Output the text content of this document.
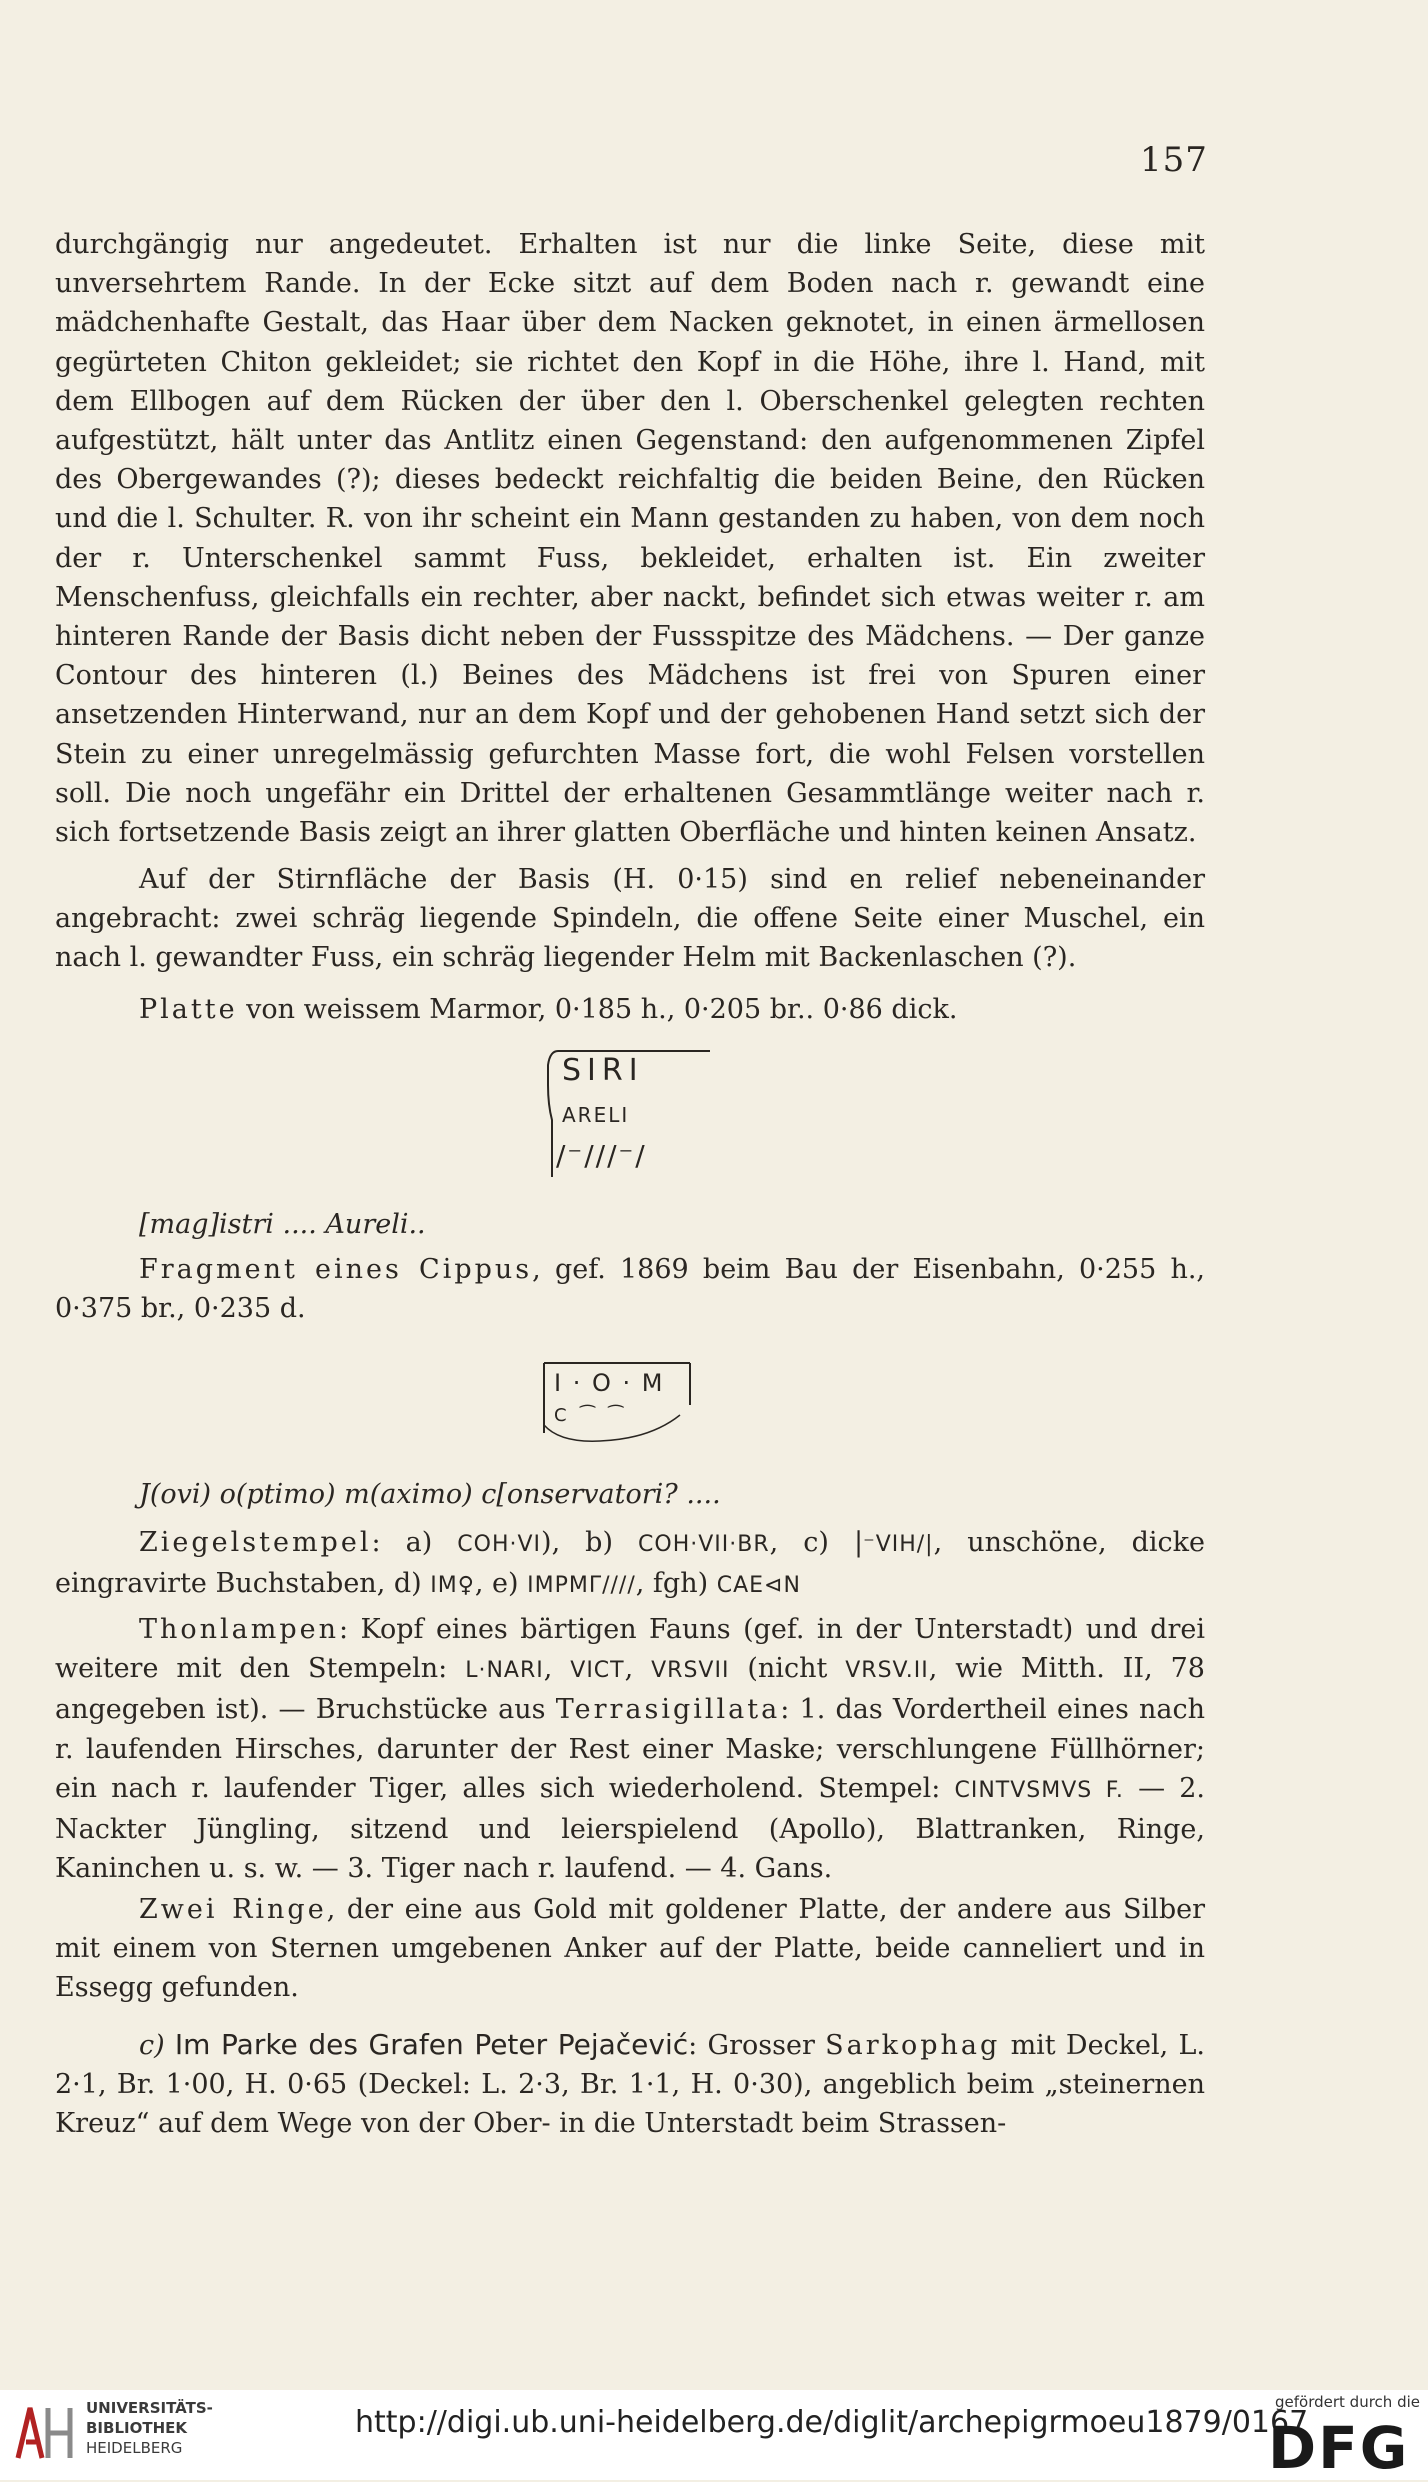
157

durchgängig nur angedeutet. Erhalten ist nur die linke Seite, diese mit unversehrtem Rande. In der Ecke sitzt auf dem Boden nach r. gewandt eine mädchenhafte Gestalt, das Haar über dem Nacken geknotet, in einen ärmellosen gegürteten Chiton gekleidet; sie richtet den Kopf in die Höhe, ihre l. Hand, mit dem Ellbogen auf dem Rücken der über den l. Oberschenkel gelegten rechten aufgestützt, hält unter das Antlitz einen Gegenstand: den aufgenommenen Zipfel des Obergewandes (?); dieses bedeckt reichfaltig die beiden Beine, den Rücken und die l. Schulter. R. von ihr scheint ein Mann gestanden zu haben, von dem noch der r. Unterschenkel sammt Fuss, bekleidet, erhalten ist. Ein zweiter Menschenfuss, gleichfalls ein rechter, aber nackt, befindet sich etwas weiter r. am hinteren Rande der Basis dicht neben der Fussspitze des Mädchens. — Der ganze Contour des hinteren (l.) Beines des Mädchens ist frei von Spuren einer ansetzenden Hinterwand, nur an dem Kopf und der gehobenen Hand setzt sich der Stein zu einer unregelmässig gefurchten Masse fort, die wohl Felsen vorstellen soll. Die noch ungefähr ein Drittel der erhaltenen Gesammtlänge weiter nach r. sich fortsetzende Basis zeigt an ihrer glatten Oberfläche und hinten keinen Ansatz.

Auf der Stirnfläche der Basis (H. 0·15) sind en relief nebeneinander angebracht: zwei schräg liegende Spindeln, die offene Seite einer Muschel, ein nach l. gewandter Fuss, ein schräg liegender Helm mit Backenlaschen (?).

Platte von weissem Marmor, 0·185 h., 0·205 br.. 0·86 dick.

SIRI
ARELI
/⁻///⁻/

[mag]istri .... Aureli..

Fragment eines Cippus, gef. 1869 beim Bau der Eisenbahn, 0·255 h., 0·375 br., 0·235 d.

I · O · M
C ⁀ ⁀

J(ovi) o(ptimo) m(aximo) c[onservatori? ....

Ziegelstempel: a) COH·VI), b) COH·VII·BR, c) |⁻VIH/|, unschöne, dicke eingravirte Buchstaben, d) IM♀, e) IMPMΓ////, fgh) CAE⊲N

Thonlampen: Kopf eines bärtigen Fauns (gef. in der Unterstadt) und drei weitere mit den Stempeln: L·NARI, VICT, VRSVII (nicht VRSV.II, wie Mitth. II, 78 angegeben ist). — Bruchstücke aus Terrasigillata: 1. das Vordertheil eines nach r. laufenden Hirsches, darunter der Rest einer Maske; verschlungene Füllhörner; ein nach r. laufender Tiger, alles sich wiederholend. Stempel: CINTVSMVS F. — 2. Nackter Jüngling, sitzend und leierspielend (Apollo), Blattranken, Ringe, Kaninchen u. s. w. — 3. Tiger nach r. laufend. — 4. Gans.

Zwei Ringe, der eine aus Gold mit goldener Platte, der andere aus Silber mit einem von Sternen umgebenen Anker auf der Platte, beide canneliert und in Essegg gefunden.

c) Im Parke des Grafen Peter Pejačević: Grosser Sarkophag mit Deckel, L. 2·1, Br. 1·00, H. 0·65 (Deckel: L. 2·3, Br. 1·1, H. 0·30), angeblich beim „steinernen Kreuz“ auf dem Wege von der Ober- in die Unterstadt beim Strassen-

UNIVERSITÄTS-
BIBLIOTHEK
HEIDELBERG
http://digi.ub.uni-heidelberg.de/diglit/archepigrmoeu1879/0167
gefördert durch die
DFG
